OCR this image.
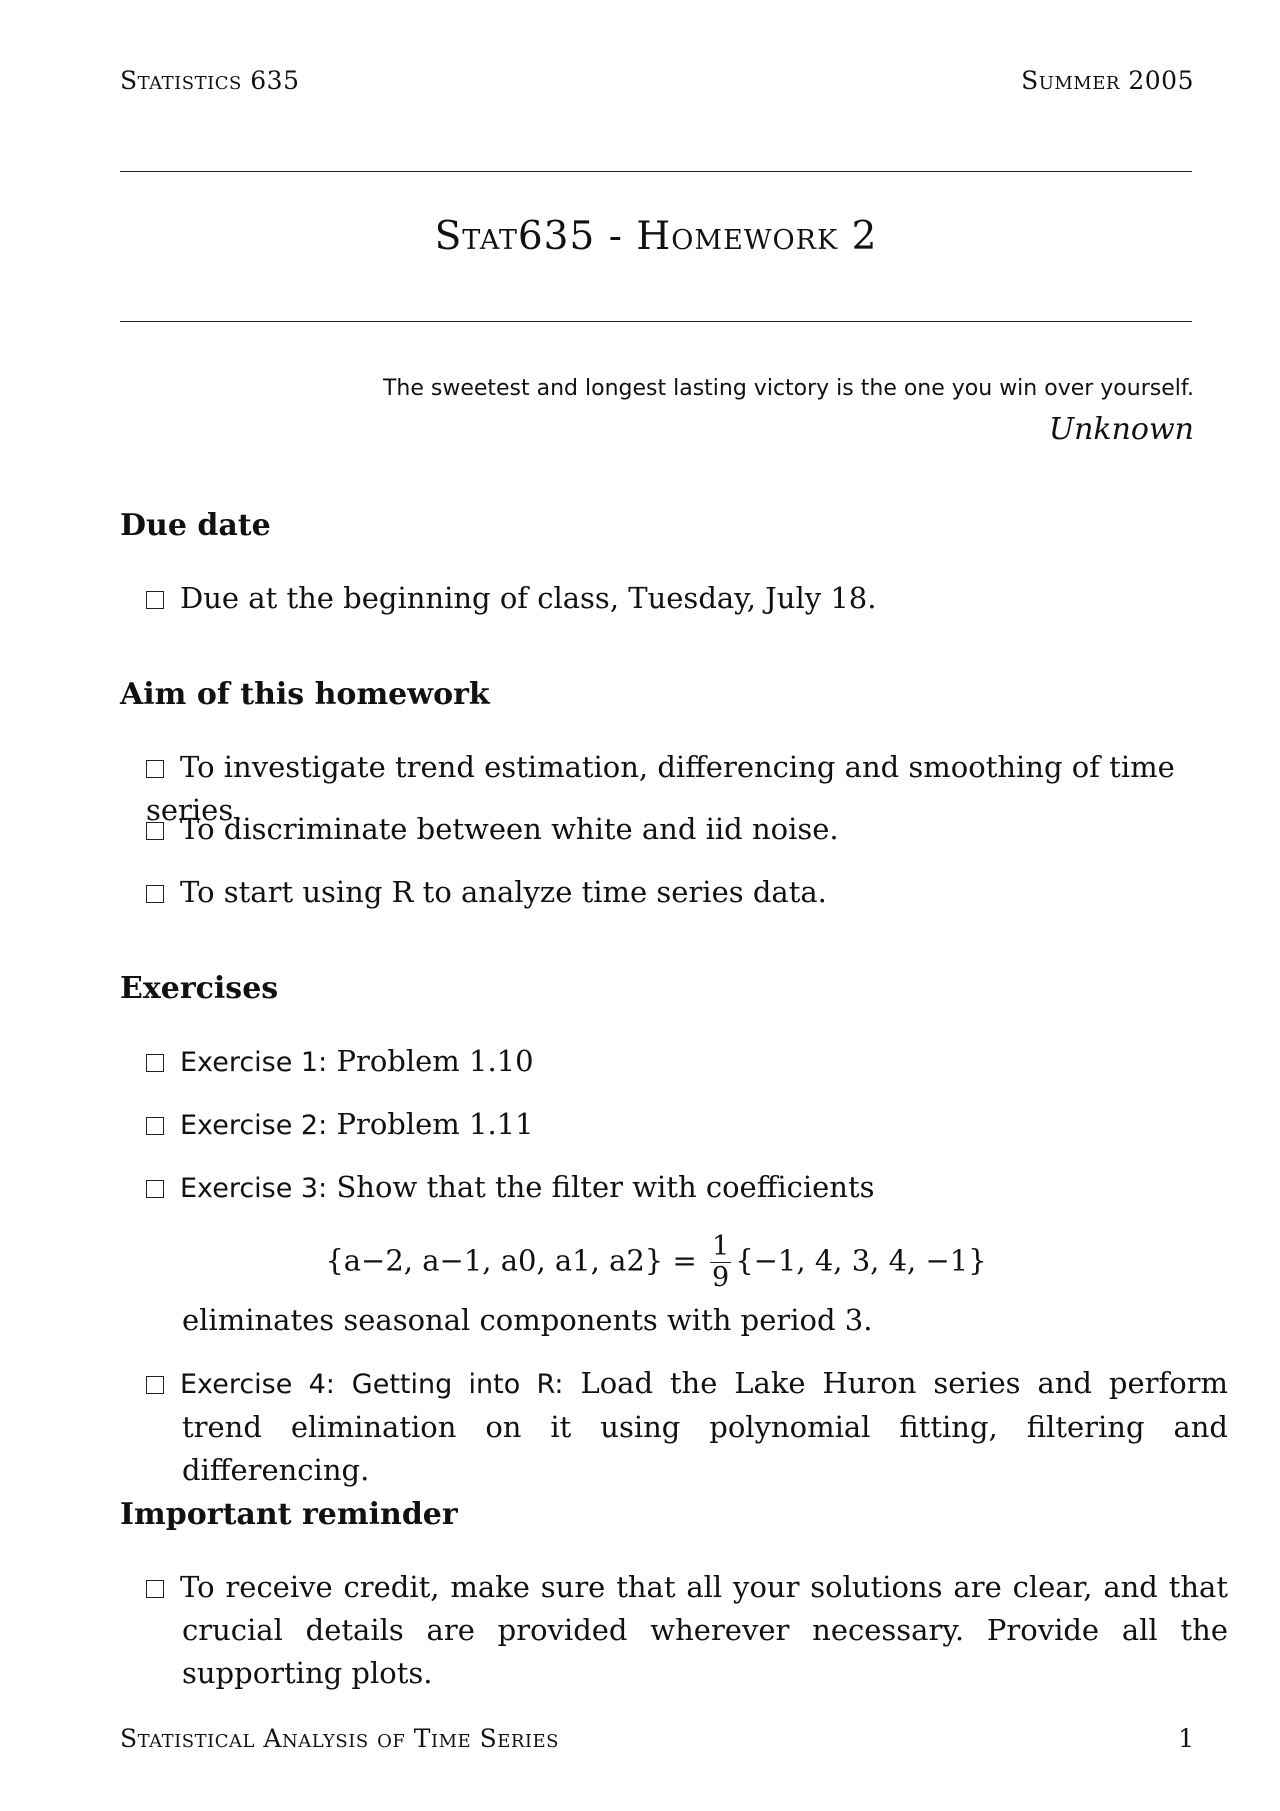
Statistics 635	Summer 2005
Stat635 - Homework 2
The sweetest and longest lasting victory is the one you win over yourself.
Unknown
Due date
Due at the beginning of class, Tuesday, July 18.
Aim of this homework
To investigate trend estimation, differencing and smoothing of time series.
To discriminate between white and iid noise.
To start using R to analyze time series data.
Exercises
Exercise 1: Problem 1.10
Exercise 2: Problem 1.11
Exercise 3: Show that the filter with coefficients
{a−2, a−1, a0, a1, $a2\} = \frac{1}{9} \{-1$, 4, 3, 4, −1}
eliminates seasonal components with period 3.
Exercise 4: Getting into R: Load the Lake Huron series and perform trend elimination on it using polynomial fitting, filtering and differencing.
Important reminder
To receive credit, make sure that all your solutions are clear, and that crucial details are provided wherever necessary. Provide all the supporting plots.
Statistical Analysis of Time Series	1
